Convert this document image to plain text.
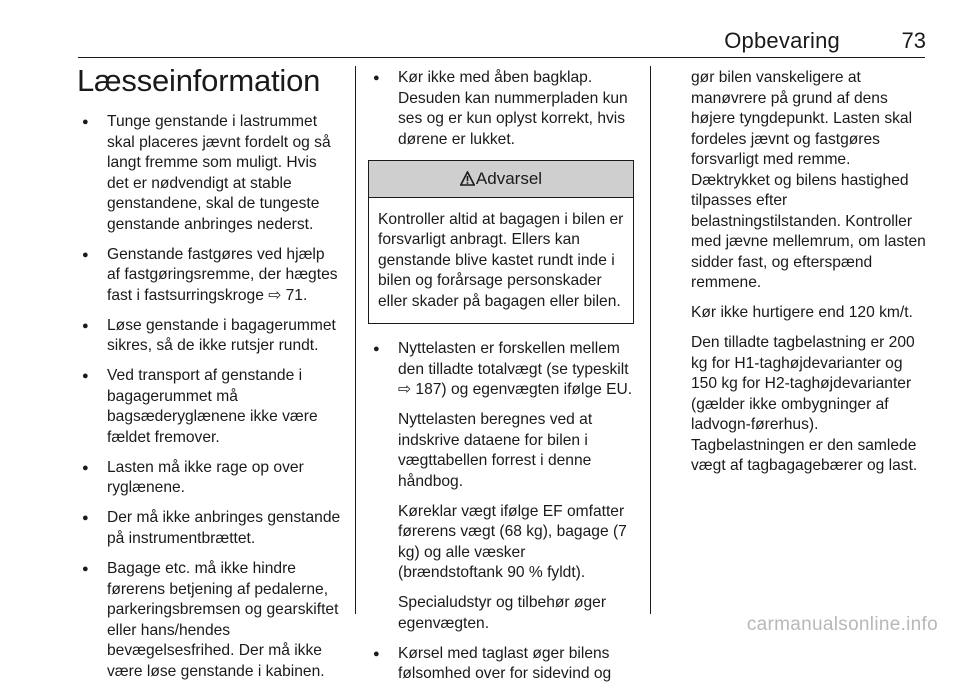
Opbevaring	73
Læsseinformation
● Tunge genstande i lastrummet skal placeres jævnt fordelt og så langt fremme som muligt. Hvis det er nødvendigt at stable genstandene, skal de tungeste genstande anbringes nederst.
● Genstande fastgøres ved hjælp af fastgøringsremme, der hægtes fast i fastsurringskroge ⇨ 71.
● Løse genstande i bagagerummet sikres, så de ikke rutsjer rundt.
● Ved transport af genstande i bagagerummet må bagsæderyglænene ikke være fældet fremover.
● Lasten må ikke rage op over ryglænene.
● Der må ikke anbringes genstande på instrumentbrættet.
● Bagage etc. må ikke hindre førerens betjening af pedalerne, parkeringsbremsen og gearskiftet eller hans/hendes bevægelsesfrihed. Der må ikke være løse genstande i kabinen.
● Kør ikke med åben bagklap. Desuden kan nummerpladen kun ses og er kun oplyst korrekt, hvis dørene er lukket.
Advarsel

Kontroller altid at bagagen i bilen er forsvarligt anbragt. Ellers kan genstande blive kastet rundt inde i bilen og forårsage personskader eller skader på bagagen eller bilen.

● Nyttelasten er forskellen mellem den tilladte totalvægt (se typeskilt ⇨ 187) og egenvægten ifølge EU.

Nyttelasten beregnes ved at indskrive dataene for bilen i vægttabellen forrest i denne håndbog.

Køreklar vægt ifølge EF omfatter førerens vægt (68 kg), bagage (7 kg) og alle væsker (brændstoftank 90 % fyldt).

Specialudstyr og tilbehør øger egenvægten.

● Kørsel med taglast øger bilens følsomhed over for sidevind og

gør bilen vanskeligere at manøvrere på grund af dens højere tyngdepunkt. Lasten skal fordeles jævnt og fastgøres forsvarligt med remme. Dæktrykket og bilens hastighed tilpasses efter belastningstilstanden. Kontroller med jævne mellemrum, om lasten sidder fast, og efterspænd remmene.

Kør ikke hurtigere end 120 km/t.

Den tilladte tagbelastning er 200 kg for H1-taghøjdevarianter og 150 kg for H2-taghøjdevarianter (gælder ikke ombygninger af ladvogn-førerhus). Tagbelastningen er den samlede vægt af tagbagagebærer og last.

carmanualsonline.info
